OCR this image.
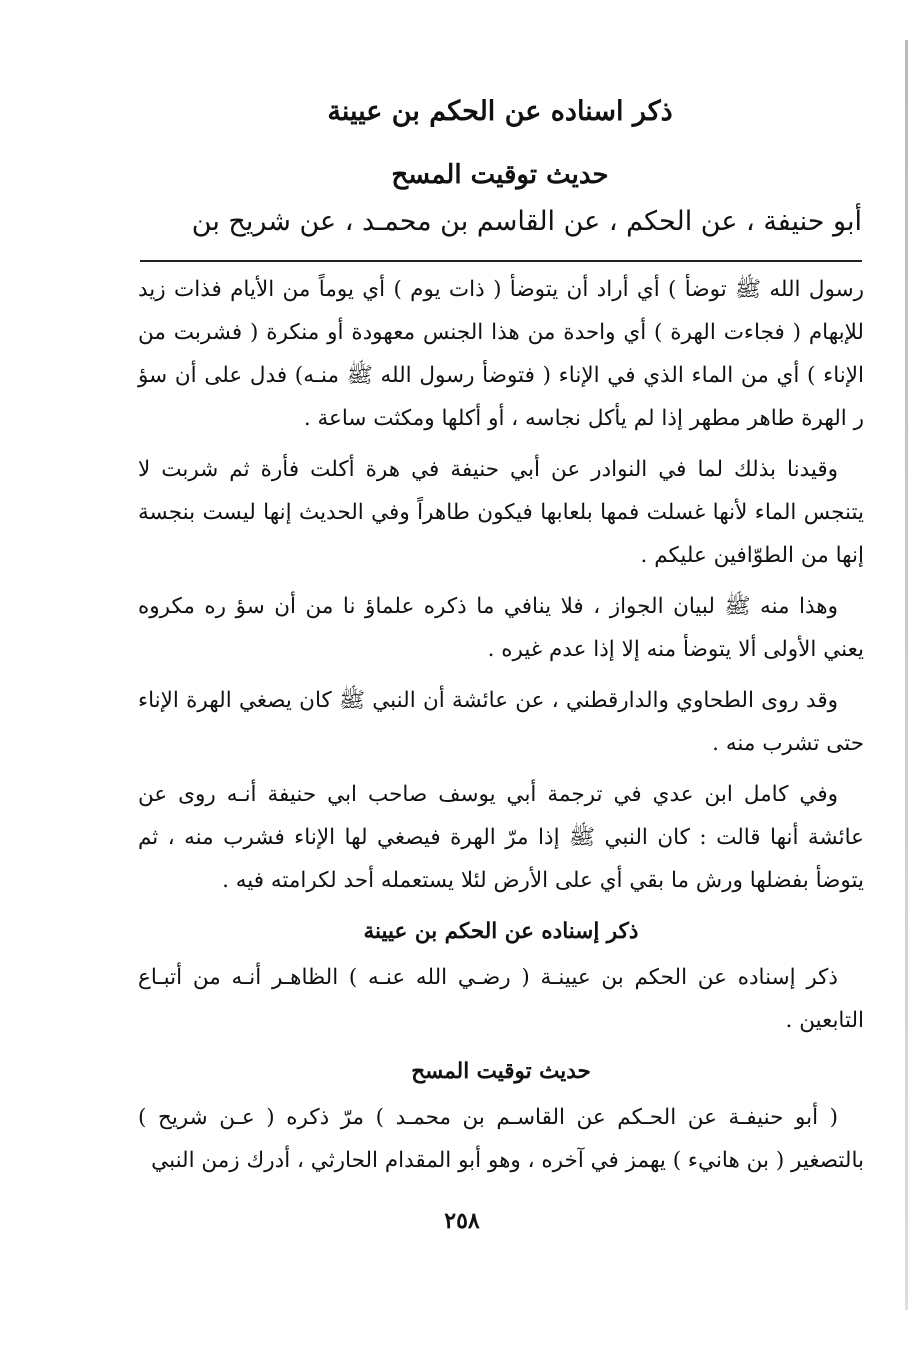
ذكر اسناده عن الحكم بن عيينة
حديث توقيت المسح
أبو حنيفة ، عن الحكم ، عن القاسم بن محمـد ، عن شريح بن

رسول الله ﷺ توضأ ) أي أراد أن يتوضأ ( ذات يوم ) أي يوماً من الأيام فذات زيد للإبهام ( فجاءت الهرة ) أي واحدة من هذا الجنس معهودة أو منكرة ( فشربت من الإناء ) أي من الماء الذي في الإناء ( فتوضأ رسول الله ﷺ منـه) فدل على أن سؤ ر الهرة طاهر مطهر إذا لم يأكل نجاسه ، أو أكلها ومكثت ساعة .

وقيدنا بذلك لما في النوادر عن أبي حنيفة في هرة أكلت فأرة ثم شربت لا يتنجس الماء لأنها غسلت فمها بلعابها فيكون طاهراً وفي الحديث إنها ليست بنجسة إنها من الطوّافين عليكم .

وهذا منه ﷺ لبيان الجواز ، فلا ينافي ما ذكره علماؤ نا من أن سؤ ره مكروه يعني الأولى ألا يتوضأ منه إلا إذا عدم غيره .

وقد روى الطحاوي والدارقطني ، عن عائشة أن النبي ﷺ كان يصغي الهرة الإناء حتى تشرب منه .

وفي كامل ابن عدي في ترجمة أبي يوسف صاحب ابي حنيفة أنـه روى عن عائشة أنها قالت : كان النبي ﷺ إذا مرّ الهرة فيصغي لها الإناء فشرب منه ، ثم يتوضأ بفضلها ورش ما بقي أي على الأرض لئلا يستعمله أحد لكرامته فيه .

ذكر إسناده عن الحكم بن عيينة

ذكر إسناده عن الحكم بن عيينـة ( رضـي الله عنـه ) الظاهـر أنـه من أتبـاع التابعين .

حديث توقيت المسح

( أبو حنيفـة عن الحـكم عن القاسـم بن محمـد ) مرّ ذكره ( عـن شريح ) بالتصغير ( بن هانيء ) يهمز في آخره ، وهو أبو المقدام الحارثي ، أدرك زمن النبي

٢٥٨
